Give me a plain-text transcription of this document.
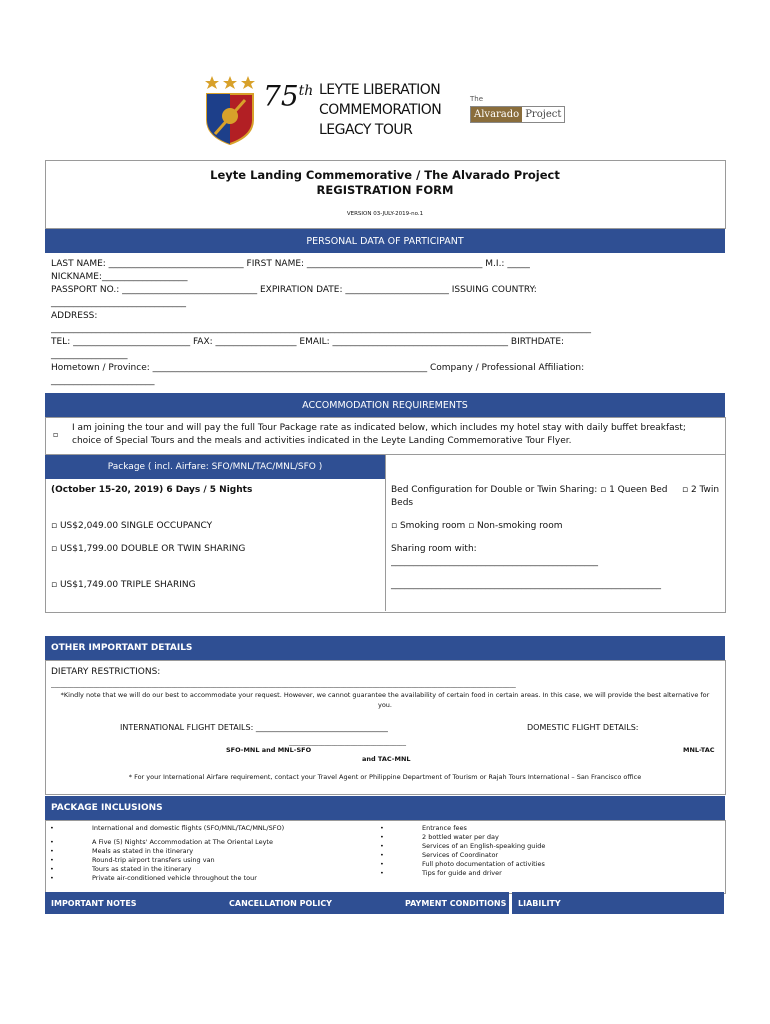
75th LEYTE LIBERATION
COMMEMORATION
LEGACY TOUR
The
Alvarado Project
Leyte Landing Commemorative / The Alvarado Project
REGISTRATION FORM
VERSION 03-JULY-2019-no.1
PERSONAL DATA OF PARTICIPANT
LAST NAME: ______________________________ FIRST NAME: _______________________________________ M.I.: _____
NICKNAME:___________________
PASSPORT NO.: ______________________________ EXPIRATION DATE: _______________________ ISSUING COUNTRY:
______________________________
ADDRESS:
________________________________________________________________________________________________________________________
TEL: __________________________ FAX: __________________ EMAIL: _______________________________________ BIRTHDATE:
_________________
Hometown / Province: _____________________________________________________________ Company / Professional Affiliation:
_______________________
ACCOMMODATION REQUIREMENTS
▫
I am joining the tour and will pay the full Tour Package rate as indicated below, which includes my hotel stay with daily buffet breakfast; choice of Special Tours and the meals and activities indicated in the Leyte Landing Commemorative Tour Flyer.
Package ( incl. Airfare: SFO/MNL/TAC/MNL/SFO )
(October 15-20, 2019) 6 Days / 5 Nights
▫ US$2,049.00 SINGLE OCCUPANCY
▫ US$1,799.00 DOUBLE OR TWIN SHARING
▫ US$1,749.00 TRIPLE SHARING
Bed Configuration for Double or Twin Sharing: ▫ 1 Queen Bed
Beds
▫ 2 Twin
▫ Smoking room ▫ Non-smoking room
Sharing room with:
______________________________________________
____________________________________________________________
OTHER IMPORTANT DETAILS
DIETARY RESTRICTIONS:
_______________________________________________________________________________________________________________________________________________
*Kindly note that we will do our best to accommodate your request. However, we cannot guarantee the availability of certain food in certain areas. In this case, we will provide the best alternative for you.
INTERNATIONAL FLIGHT DETAILS: _________________________________	DOMESTIC FLIGHT DETAILS:
____________________________________
SFO-MNL and MNL-SFO
and TAC-MNL
MNL-TAC
* For your International Airfare requirement, contact your Travel Agent or Philippine Department of Tourism or Rajah Tours International – San Francisco office
PACKAGE INCLUSIONS
•	International and domestic flights (SFO/MNL/TAC/MNL/SFO)
•	A Five (5) Nights' Accommodation at The Oriental Leyte
•	Meals as stated in the itinerary
•	Round-trip airport transfers using van
•	Tours as stated in the itinerary
•	Private air-conditioned vehicle throughout the tour
•	Entrance fees
•	2 bottled water per day
•	Services of an English-speaking guide
•	Services of Coordinator
•	Full photo documentation of activities
•	Tips for guide and driver
IMPORTANT NOTES	CANCELLATION POLICY	PAYMENT CONDITIONS	LIABILITY
